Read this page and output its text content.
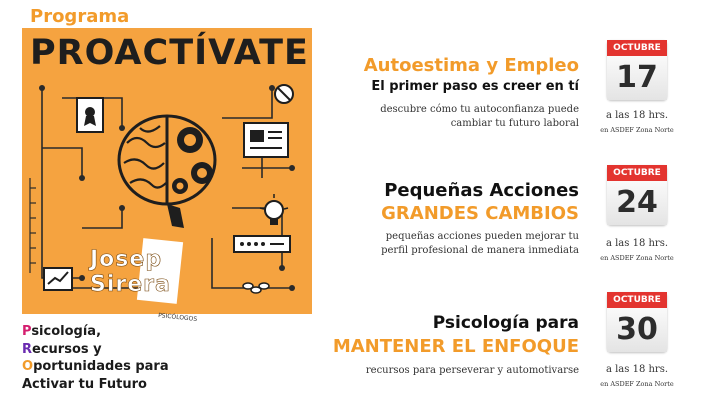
Programa
PROACTÍVATE
Josep Sirera
PSICÓLOGOS
Psicología,
Recursos y
Oportunidades para
Activar tu Futuro
Autoestima y Empleo
El primer paso es creer en tí
descubre cómo tu autoconfianza puede
cambiar tu futuro laboral
OCTUBRE
17
a las 18 hrs.
en ASDEF Zona Norte
Pequeñas Acciones
GRANDES CAMBIOS
pequeñas acciones pueden mejorar tu
perfil profesional de manera inmediata
OCTUBRE
24
a las 18 hrs.
en ASDEF Zona Norte
Psicología para
MANTENER EL ENFOQUE
recursos para perseverar y automotivarse
OCTUBRE
30
a las 18 hrs.
en ASDEF Zona Norte
